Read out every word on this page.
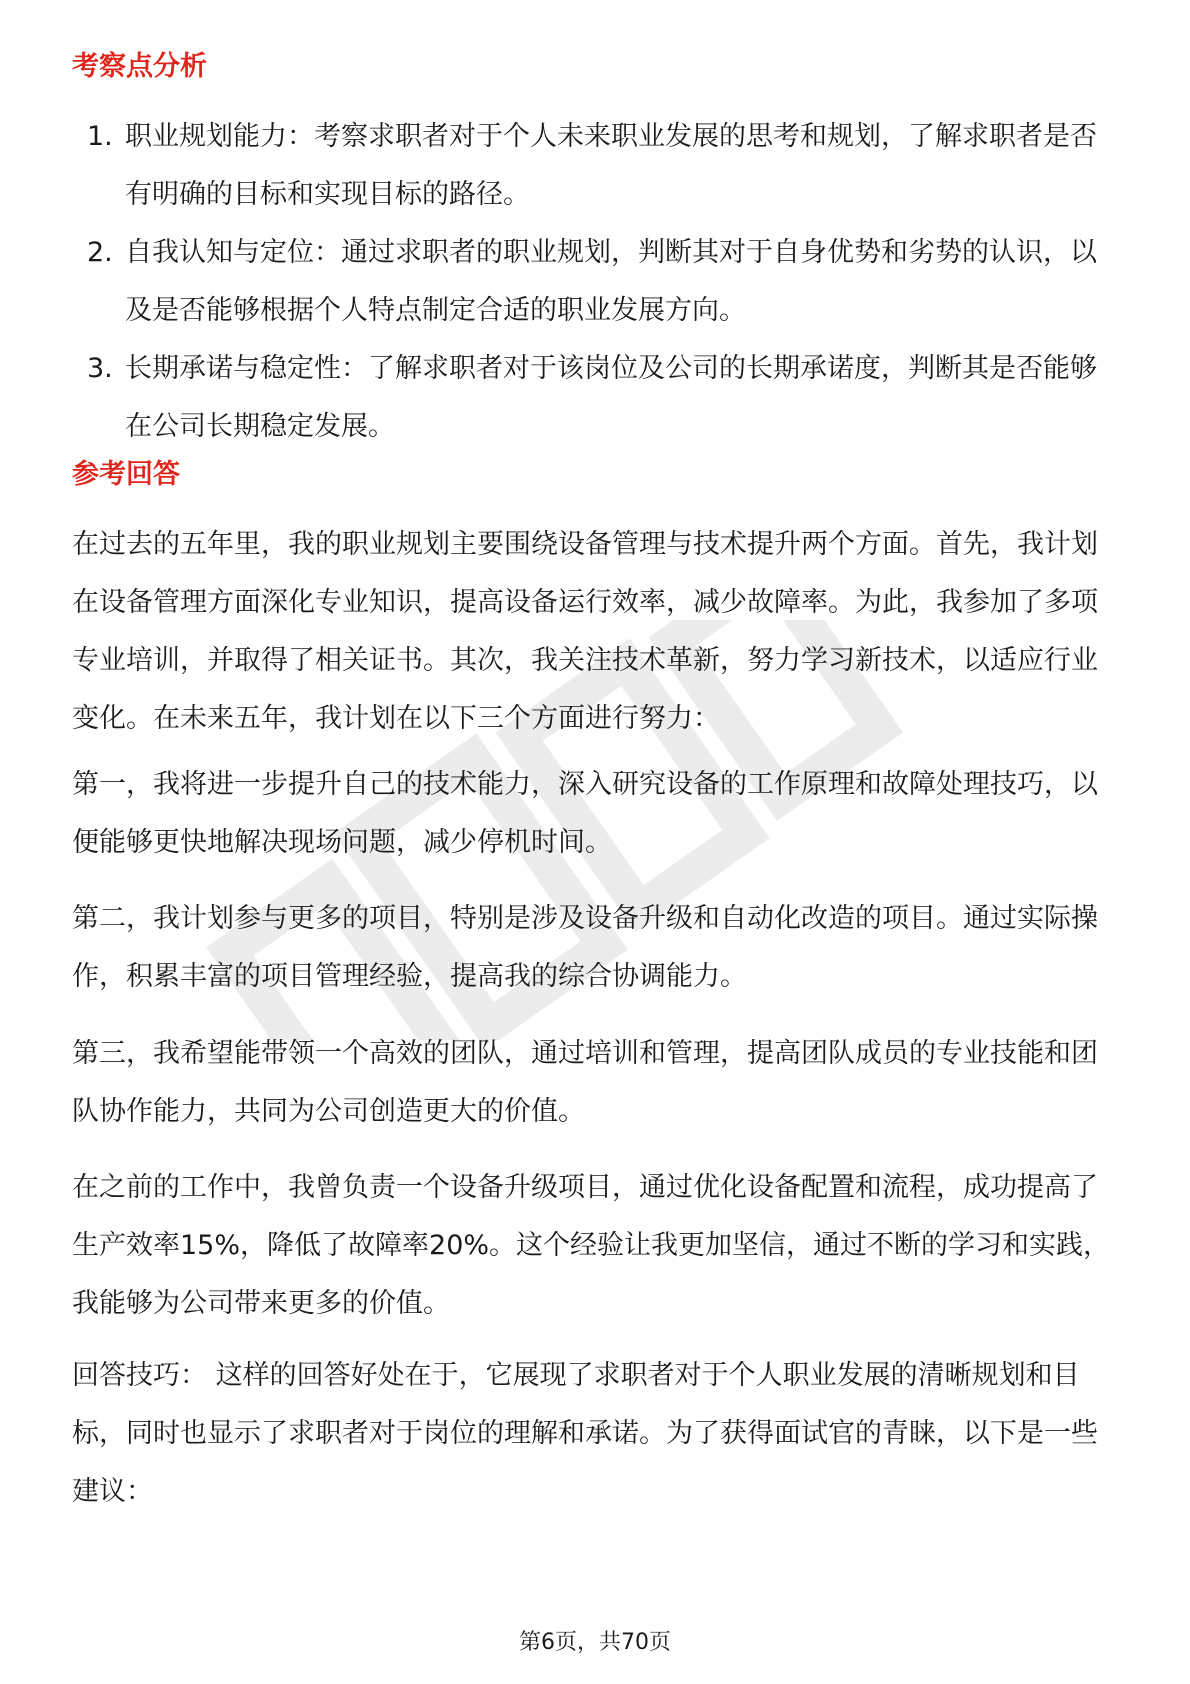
考察点分析
1. 职业规划能力：考察求职者对于个人未来职业发展的思考和规划，了解求职者是否有明确的目标和实现目标的路径。
2. 自我认知与定位：通过求职者的职业规划，判断其对于自身优势和劣势的认识，以及是否能够根据个人特点制定合适的职业发展方向。
3. 长期承诺与稳定性：了解求职者对于该岗位及公司的长期承诺度，判断其是否能够在公司长期稳定发展。
参考回答

在过去的五年里，我的职业规划主要围绕设备管理与技术提升两个方面。首先，我计划在设备管理方面深化专业知识，提高设备运行效率，减少故障率。为此，我参加了多项专业培训，并取得了相关证书。其次，我关注技术革新，努力学习新技术，以适应行业变化。在未来五年，我计划在以下三个方面进行努力：

第一，我将进一步提升自己的技术能力，深入研究设备的工作原理和故障处理技巧，以便能够更快地解决现场问题，减少停机时间。

第二，我计划参与更多的项目，特别是涉及设备升级和自动化改造的项目。通过实际操作，积累丰富的项目管理经验，提高我的综合协调能力。

第三，我希望能带领一个高效的团队，通过培训和管理，提高团队成员的专业技能和团队协作能力，共同为公司创造更大的价值。

在之前的工作中，我曾负责一个设备升级项目，通过优化设备配置和流程，成功提高了生产效率15%，降低了故障率20%。这个经验让我更加坚信，通过不断的学习和实践，我能够为公司带来更多的价值。

回答技巧： 这样的回答好处在于，它展现了求职者对于个人职业发展的清晰规划和目标，同时也显示了求职者对于岗位的理解和承诺。为了获得面试官的青睐，以下是一些建议：

第6页，共70页
